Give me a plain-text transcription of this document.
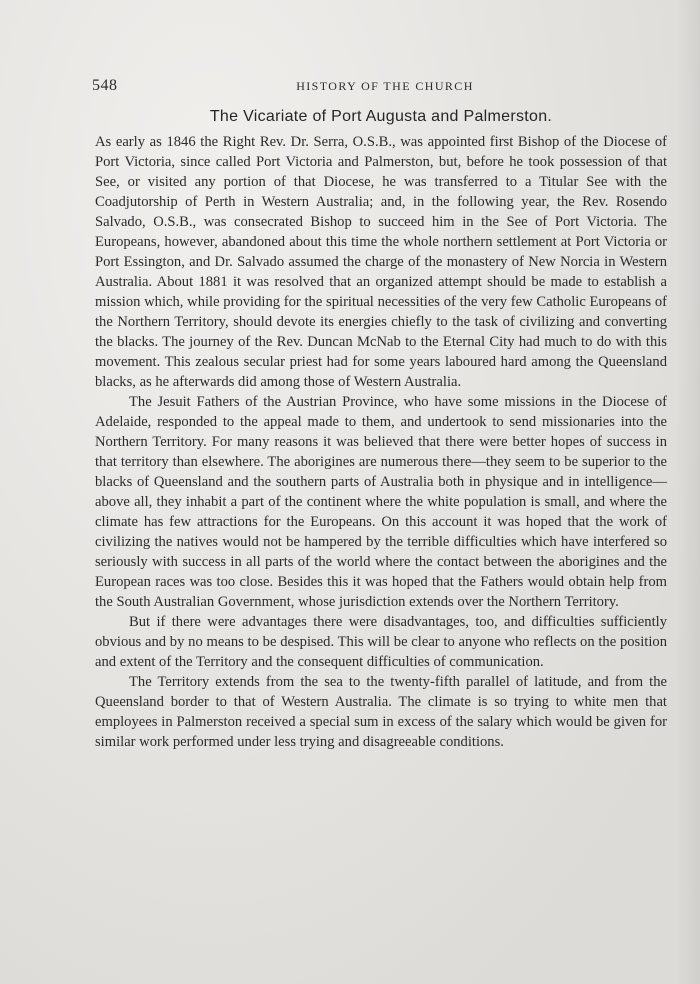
548	HISTORY OF THE CHURCH
The Vicariate of Port Augusta and Palmerston.

As early as 1846 the Right Rev. Dr. Serra, O.S.B., was appointed first Bishop of the Diocese of Port Victoria, since called Port Victoria and Palmerston, but, before he took possession of that See, or visited any portion of that Diocese, he was transferred to a Titular See with the Coadjutorship of Perth in Western Australia; and, in the following year, the Rev. Rosendo Salvado, O.S.B., was consecrated Bishop to succeed him in the See of Port Victoria. The Europeans, however, abandoned about this time the whole northern settlement at Port Victoria or Port Essington, and Dr. Salvado assumed the charge of the monastery of New Norcia in Western Australia. About 1881 it was resolved that an organized attempt should be made to establish a mission which, while providing for the spiritual necessities of the very few Catholic Europeans of the Northern Territory, should devote its energies chiefly to the task of civilizing and converting the blacks. The journey of the Rev. Duncan McNab to the Eternal City had much to do with this movement. This zealous secular priest had for some years laboured hard among the Queensland blacks, as he afterwards did among those of Western Australia.

The Jesuit Fathers of the Austrian Province, who have some missions in the Diocese of Adelaide, responded to the appeal made to them, and undertook to send missionaries into the Northern Territory. For many reasons it was believed that there were better hopes of success in that territory than elsewhere. The aborigines are numerous there—they seem to be superior to the blacks of Queensland and the southern parts of Australia both in physique and in intelligence—above all, they inhabit a part of the continent where the white population is small, and where the climate has few attractions for the Europeans. On this account it was hoped that the work of civilizing the natives would not be hampered by the terrible difficulties which have interfered so seriously with success in all parts of the world where the contact between the aborigines and the European races was too close. Besides this it was hoped that the Fathers would obtain help from the South Australian Government, whose jurisdiction extends over the Northern Territory.

But if there were advantages there were disadvantages, too, and difficulties sufficiently obvious and by no means to be despised. This will be clear to anyone who reflects on the position and extent of the Territory and the consequent difficulties of communication.

The Territory extends from the sea to the twenty-fifth parallel of latitude, and from the Queensland border to that of Western Australia. The climate is so trying to white men that employees in Palmerston received a special sum in excess of the salary which would be given for similar work performed under less trying and disagreeable conditions.
